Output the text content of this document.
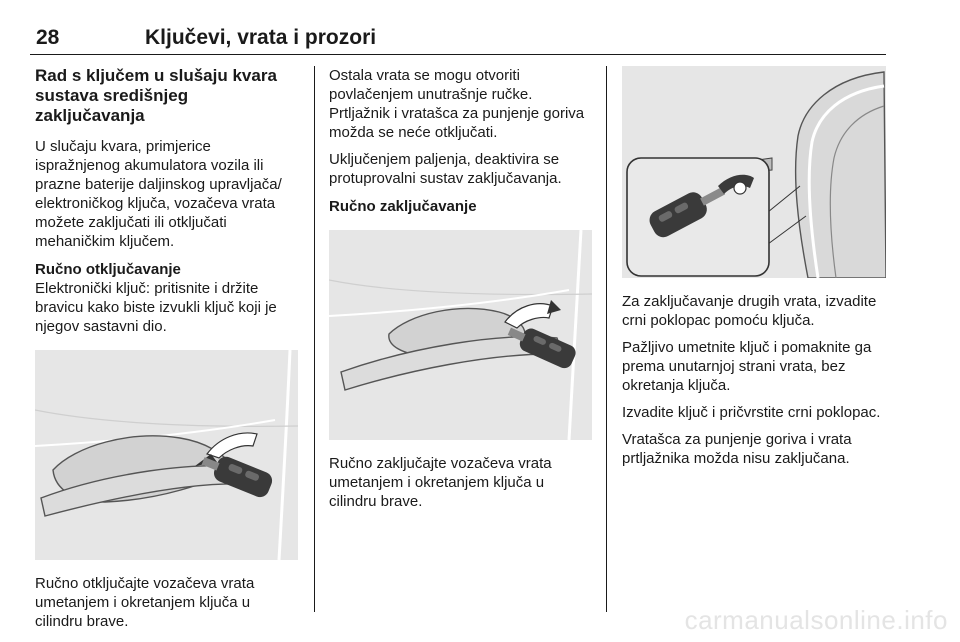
28	Ključevi, vrata i prozori
Rad s ključem u slušaju kvara sustava središnjeg zaključavanja
U slučaju kvara, primjerice ispražnjenog akumulatora vozila ili prazne baterije daljinskog upravljača/ elektroničkog ključa, vozačeva vrata možete zaključati ili otključati mehaničkim ključem.
Ručno otključavanje
Elektronički ključ: pritisnite i držite bravicu kako biste izvukli ključ koji je njegov sastavni dio.
Ručno otključajte vozačeva vrata umetanjem i okretanjem ključa u cilindru brave.
Ostala vrata se mogu otvoriti povlačenjem unutrašnje ručke. Prtljažnik i vratašca za punjenje goriva možda se neće otključati.
Uključenjem paljenja, deaktivira se protuprovalni sustav zaključavanja.
Ručno zaključavanje
Ručno zaključajte vozačeva vrata umetanjem i okretanjem ključa u cilindru brave.
Za zaključavanje drugih vrata, izvadite crni poklopac pomoću ključa.
Pažljivo umetnite ključ i pomaknite ga prema unutarnjoj strani vrata, bez okretanja ključa.
Izvadite ključ i pričvrstite crni poklopac.
Vratašca za punjenje goriva i vrata prtljažnika možda nisu zaključana.
carmanualsonline.info
